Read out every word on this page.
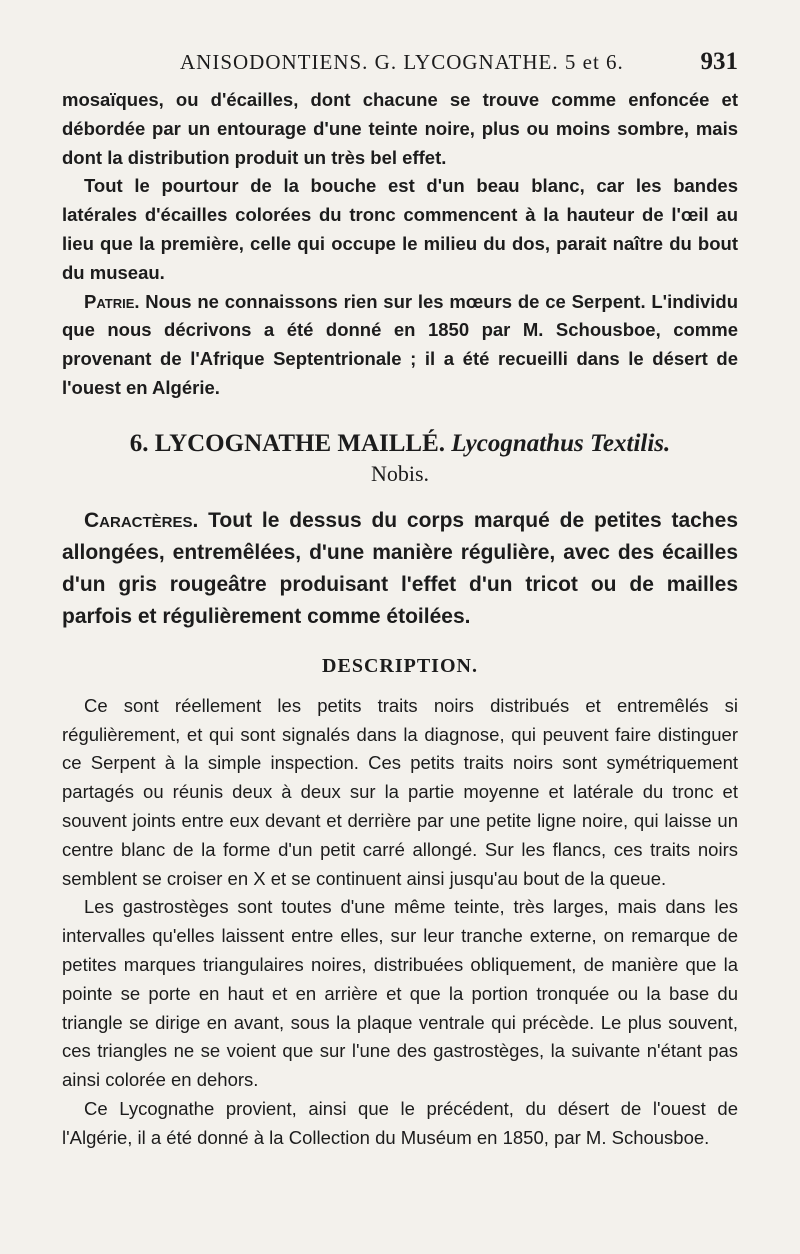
ANISODONTIENS. G. LYCOGNATHE. 5 et 6.	931

mosaïques, ou d'écailles, dont chacune se trouve comme enfoncée et débordée par un entourage d'une teinte noire, plus ou moins sombre, mais dont la distribution produit un très bel effet.

Tout le pourtour de la bouche est d'un beau blanc, car les bandes latérales d'écailles colorées du tronc commencent à la hauteur de l'œil au lieu que la première, celle qui occupe le milieu du dos, parait naître du bout du museau.

Patrie. Nous ne connaissons rien sur les mœurs de ce Serpent. L'individu que nous décrivons a été donné en 1850 par M. Schousboe, comme provenant de l'Afrique Septentrionale ; il a été recueilli dans le désert de l'ouest en Algérie.

6. LYCOGNATHE MAILLÉ. Lycognathus Textilis.
Nobis.

Caractères. Tout le dessus du corps marqué de petites taches allongées, entremêlées, d'une manière régulière, avec des écailles d'un gris rougeâtre produisant l'effet d'un tricot ou de mailles parfois et régulièrement comme étoilées.

DESCRIPTION.

Ce sont réellement les petits traits noirs distribués et entremêlés si régulièrement, et qui sont signalés dans la diagnose, qui peuvent faire distinguer ce Serpent à la simple inspection. Ces petits traits noirs sont symétriquement partagés ou réunis deux à deux sur la partie moyenne et latérale du tronc et souvent joints entre eux devant et derrière par une petite ligne noire, qui laisse un centre blanc de la forme d'un petit carré allongé. Sur les flancs, ces traits noirs semblent se croiser en X et se continuent ainsi jusqu'au bout de la queue.

Les gastrostèges sont toutes d'une même teinte, très larges, mais dans les intervalles qu'elles laissent entre elles, sur leur tranche externe, on remarque de petites marques triangulaires noires, distribuées obliquement, de manière que la pointe se porte en haut et en arrière et que la portion tronquée ou la base du triangle se dirige en avant, sous la plaque ventrale qui précède. Le plus souvent, ces triangles ne se voient que sur l'une des gastrostèges, la suivante n'étant pas ainsi colorée en dehors.

Ce Lycognathe provient, ainsi que le précédent, du désert de l'ouest de l'Algérie, il a été donné à la Collection du Muséum en 1850, par M. Schousboe.
